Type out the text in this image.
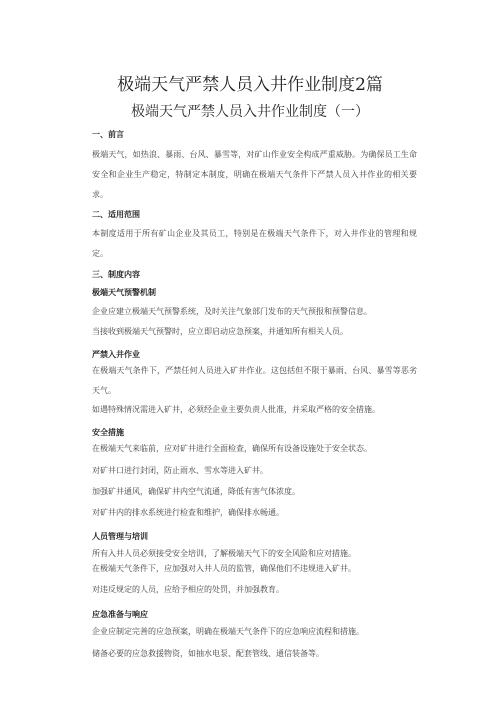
极端天气严禁人员入井作业制度2篇
极端天气严禁人员入井作业制度（一）
一、前言

极端天气，如热浪、暴雨、台风、暴雪等，对矿山作业安全构成严重威胁。为确保员工生命安全和企业生产稳定，特制定本制度，明确在极端天气条件下严禁人员入井作业的相关要求。

二、适用范围

本制度适用于所有矿山企业及其员工，特别是在极端天气条件下，对入井作业的管理和规定。

三、制度内容
极端天气预警机制

企业应建立极端天气预警系统，及时关注气象部门发布的天气预报和预警信息。

当接收到极端天气预警时，应立即启动应急预案，并通知所有相关人员。

严禁入井作业

在极端天气条件下，严禁任何人员进入矿井作业。这包括但不限于暴雨、台风、暴雪等恶劣天气。

如遇特殊情况需进入矿井，必须经企业主要负责人批准，并采取严格的安全措施。

安全措施

在极端天气来临前，应对矿井进行全面检查，确保所有设备设施处于安全状态。

对矿井口进行封闭，防止雨水、雪水等进入矿井。

加强矿井通风，确保矿井内空气流通，降低有害气体浓度。

对矿井内的排水系统进行检查和维护，确保排水畅通。

人员管理与培训

所有入井人员必须接受安全培训，了解极端天气下的安全风险和应对措施。

在极端天气条件下，应加强对入井人员的监管，确保他们不违规进入矿井。

对违反规定的人员，应给予相应的处罚，并加强教育。

应急准备与响应

企业应制定完善的应急预案，明确在极端天气条件下的应急响应流程和措施。

储备必要的应急救援物资，如抽水电泵、配套管线、通信装备等。
